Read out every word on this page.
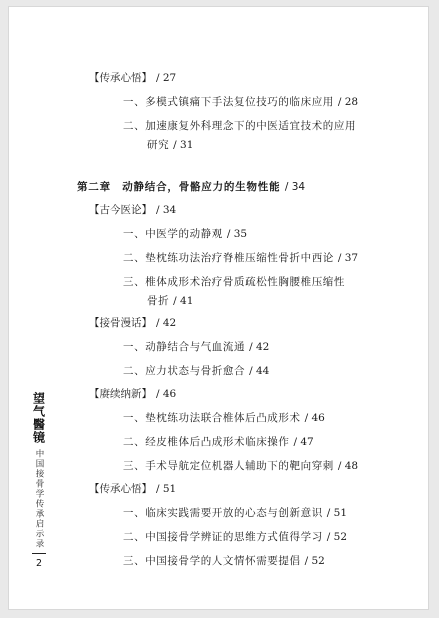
【传承心悟】 / 27
一、多模式镇痛下手法复位技巧的临床应用 / 28
二、加速康复外科理念下的中医适宜技术的应用
研究 / 31
第二章　动静结合，骨骼应力的生物性能 / 34
【古今医论】 / 34
一、中医学的动静观 / 35
二、垫枕练功法治疗脊椎压缩性骨折中西论 / 37
三、椎体成形术治疗骨质疏松性胸腰椎压缩性
骨折 / 41
【接骨漫话】 / 42
一、动静结合与气血流通 / 42
二、应力状态与骨折愈合 / 44
【赓续纳新】 / 46
一、垫枕练功法联合椎体后凸成形术 / 46
二、经皮椎体后凸成形术临床操作 / 47
三、手术导航定位机器人辅助下的靶向穿刺 / 48
【传承心悟】 / 51
一、临床实践需要开放的心态与创新意识 / 51
二、中国接骨学辨证的思维方式值得学习 / 52
三、中国接骨学的人文情怀需要提倡 / 52
望气醫镜
中国接骨学传承启示录
2
